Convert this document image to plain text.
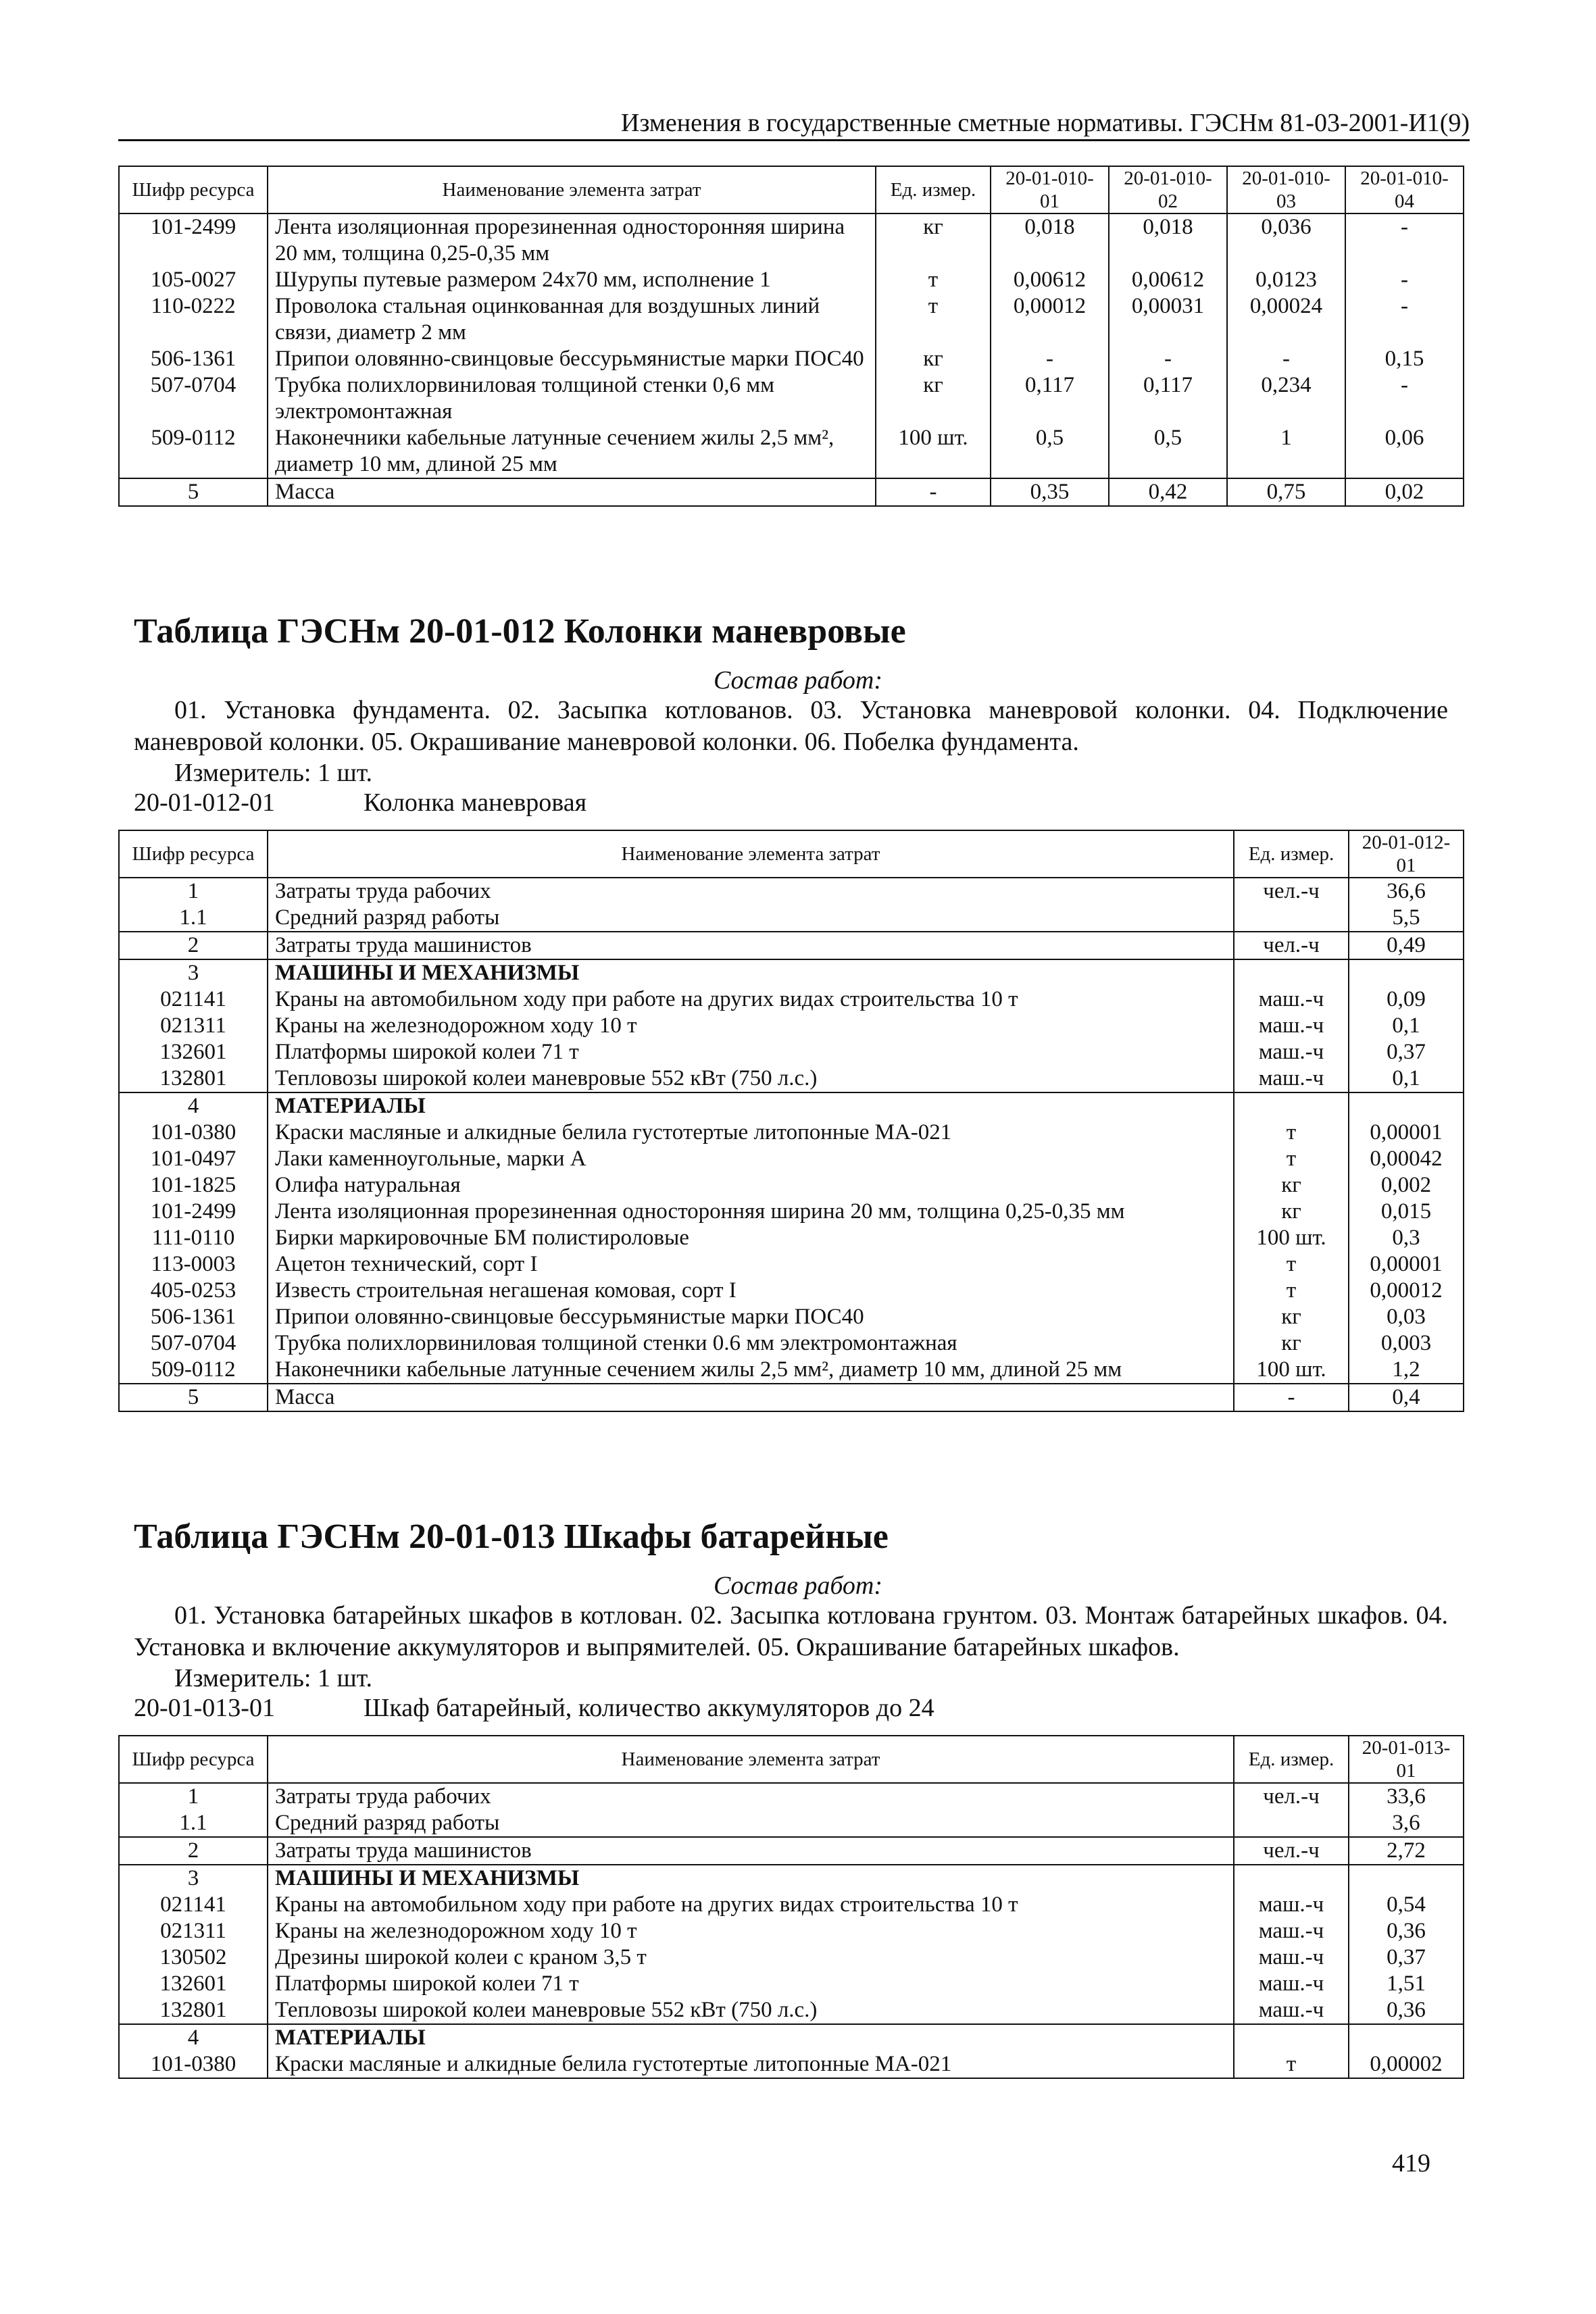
Изменения в государственные сметные нормативы. ГЭСНм 81-03-2001-И1(9)
Шифр ресурса	Наименование элемента затрат	Ед. измер.	20-01-010-01	20-01-010-02	20-01-010-03	20-01-010-04
101-2499	Лента изоляционная прорезиненная односторонняя ширина 20 мм, толщина 0,25-0,35 мм	кг	0,018	0,018	0,036	-
105-0027	Шурупы путевые размером 24х70 мм, исполнение 1	т	0,00612	0,00612	0,0123	-
110-0222	Проволока стальная оцинкованная для воздушных линий связи, диаметр 2 мм	т	0,00012	0,00031	0,00024	-
506-1361	Припои оловянно-свинцовые бессурьмянистые марки ПОС40	кг	-	-	-	0,15
507-0704	Трубка полихлорвиниловая толщиной стенки 0,6 мм электромонтажная	кг	0,117	0,117	0,234	-
509-0112	Наконечники кабельные латунные сечением жилы 2,5 мм², диаметр 10 мм, длиной 25 мм	100 шт.	0,5	0,5	1	0,06
5	Масса	-	0,35	0,42	0,75	0,02
Таблица ГЭСНм 20-01-012 Колонки маневровые
Состав работ:
01. Установка фундамента. 02. Засыпка котлованов. 03. Установка маневровой колонки. 04. Подключение маневровой колонки. 05. Окрашивание маневровой колонки. 06. Побелка фундамента.
Измеритель: 1 шт.
20-01-012-01	Колонка маневровая
Шифр ресурса	Наименование элемента затрат	Ед. измер.	20-01-012-01
1	Затраты труда рабочих	чел.-ч	36,6
1.1	Средний разряд работы		5,5
2	Затраты труда машинистов	чел.-ч	0,49
3	МАШИНЫ И МЕХАНИЗМЫ		
021141	Краны на автомобильном ходу при работе на других видах строительства 10 т	маш.-ч	0,09
021311	Краны на железнодорожном ходу 10 т	маш.-ч	0,1
132601	Платформы широкой колеи 71 т	маш.-ч	0,37
132801	Тепловозы широкой колеи маневровые 552 кВт (750 л.с.)	маш.-ч	0,1
4	МАТЕРИАЛЫ		
101-0380	Краски масляные и алкидные белила густотертые литопонные МА-021	т	0,00001
101-0497	Лаки каменноугольные, марки А	т	0,00042
101-1825	Олифа натуральная	кг	0,002
101-2499	Лента изоляционная прорезиненная односторонняя ширина 20 мм, толщина 0,25-0,35 мм	кг	0,015
111-0110	Бирки маркировочные БМ полистироловые	100 шт.	0,3
113-0003	Ацетон технический, сорт I	т	0,00001
405-0253	Известь строительная негашеная комовая, сорт I	т	0,00012
506-1361	Припои оловянно-свинцовые бессурьмянистые марки ПОС40	кг	0,03
507-0704	Трубка полихлорвиниловая толщиной стенки 0.6 мм электромонтажная	кг	0,003
509-0112	Наконечники кабельные латунные сечением жилы 2,5 мм², диаметр 10 мм, длиной 25 мм	100 шт.	1,2
5	Масса	-	0,4
Таблица ГЭСНм 20-01-013 Шкафы батарейные
Состав работ:
01. Установка батарейных шкафов в котлован. 02. Засыпка котлована грунтом. 03. Монтаж батарейных шкафов. 04. Установка и включение аккумуляторов и выпрямителей. 05. Окрашивание батарейных шкафов.
Измеритель: 1 шт.
20-01-013-01	Шкаф батарейный, количество аккумуляторов до 24
Шифр ресурса	Наименование элемента затрат	Ед. измер.	20-01-013-01
1	Затраты труда рабочих	чел.-ч	33,6
1.1	Средний разряд работы		3,6
2	Затраты труда машинистов	чел.-ч	2,72
3	МАШИНЫ И МЕХАНИЗМЫ		
021141	Краны на автомобильном ходу при работе на других видах строительства 10 т	маш.-ч	0,54
021311	Краны на железнодорожном ходу 10 т	маш.-ч	0,36
130502	Дрезины широкой колеи с краном 3,5 т	маш.-ч	0,37
132601	Платформы широкой колеи 71 т	маш.-ч	1,51
132801	Тепловозы широкой колеи маневровые 552 кВт (750 л.с.)	маш.-ч	0,36
4	МАТЕРИАЛЫ		
101-0380	Краски масляные и алкидные белила густотертые литопонные МА-021	т	0,00002
419
